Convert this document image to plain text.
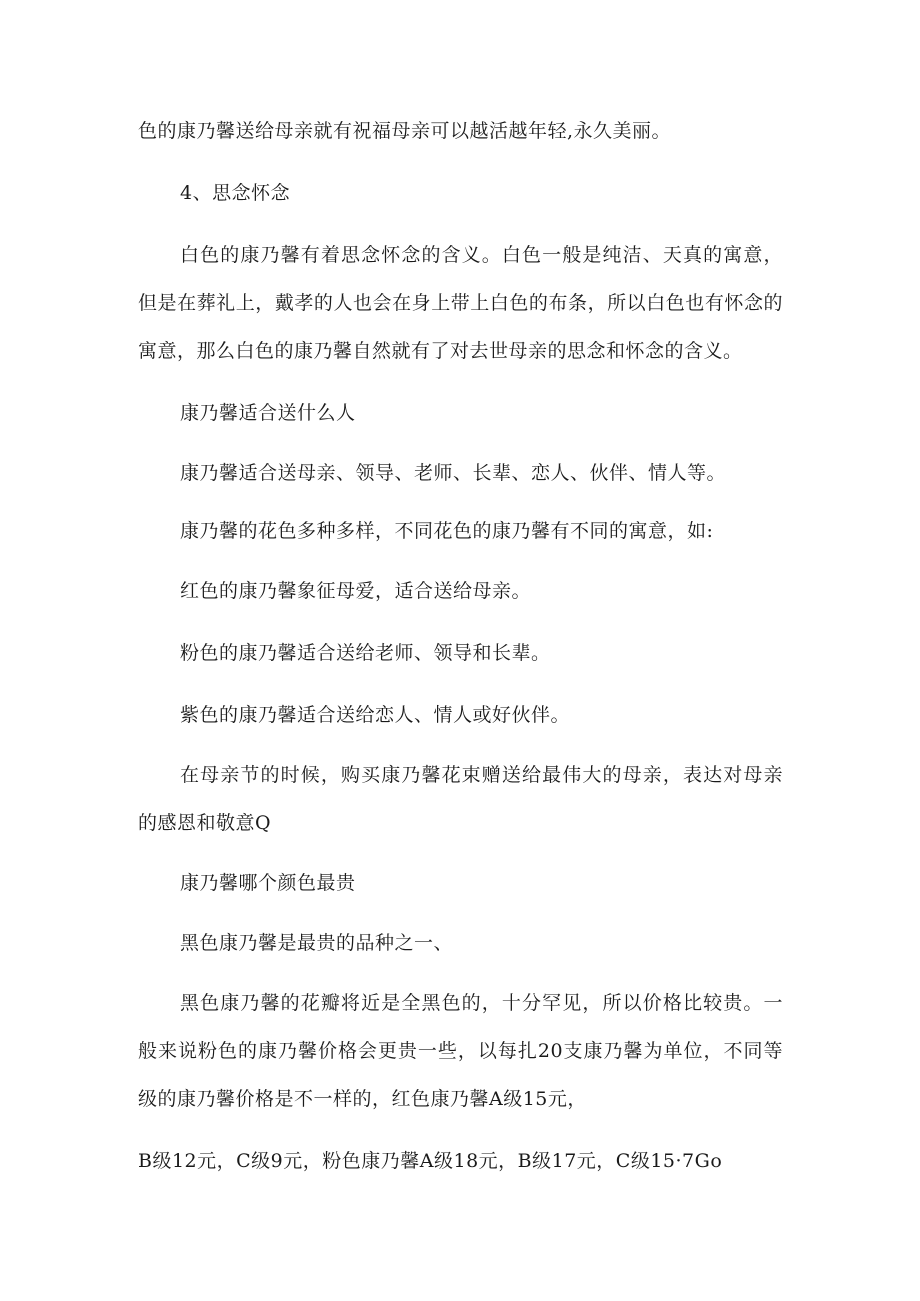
色的康乃馨送给母亲就有祝福母亲可以越活越年轻,永久美丽。
4、思念怀念
白色的康乃馨有着思念怀念的含义。白色一般是纯洁、天真的寓意，
但是在葬礼上，戴孝的人也会在身上带上白色的布条，所以白色也有怀念的
寓意，那么白色的康乃馨自然就有了对去世母亲的思念和怀念的含义。
康乃馨适合送什么人
康乃馨适合送母亲、领导、老师、长辈、恋人、伙伴、情人等。
康乃馨的花色多种多样，不同花色的康乃馨有不同的寓意，如:
红色的康乃馨象征母爱，适合送给母亲。
粉色的康乃馨适合送给老师、领导和长辈。
紫色的康乃馨适合送给恋人、情人或好伙伴。
在母亲节的时候，购买康乃馨花束赠送给最伟大的母亲，表达对母亲
的感恩和敬意Q
康乃馨哪个颜色最贵
黑色康乃馨是最贵的品种之一、
黑色康乃馨的花瓣将近是全黑色的，十分罕见，所以价格比较贵。一
般来说粉色的康乃馨价格会更贵一些，以每扎20支康乃馨为单位，不同等
级的康乃馨价格是不一样的，红色康乃馨A级15元，
B级12元，C级9元，粉色康乃馨A级18元，B级17元，C级15·7Go
